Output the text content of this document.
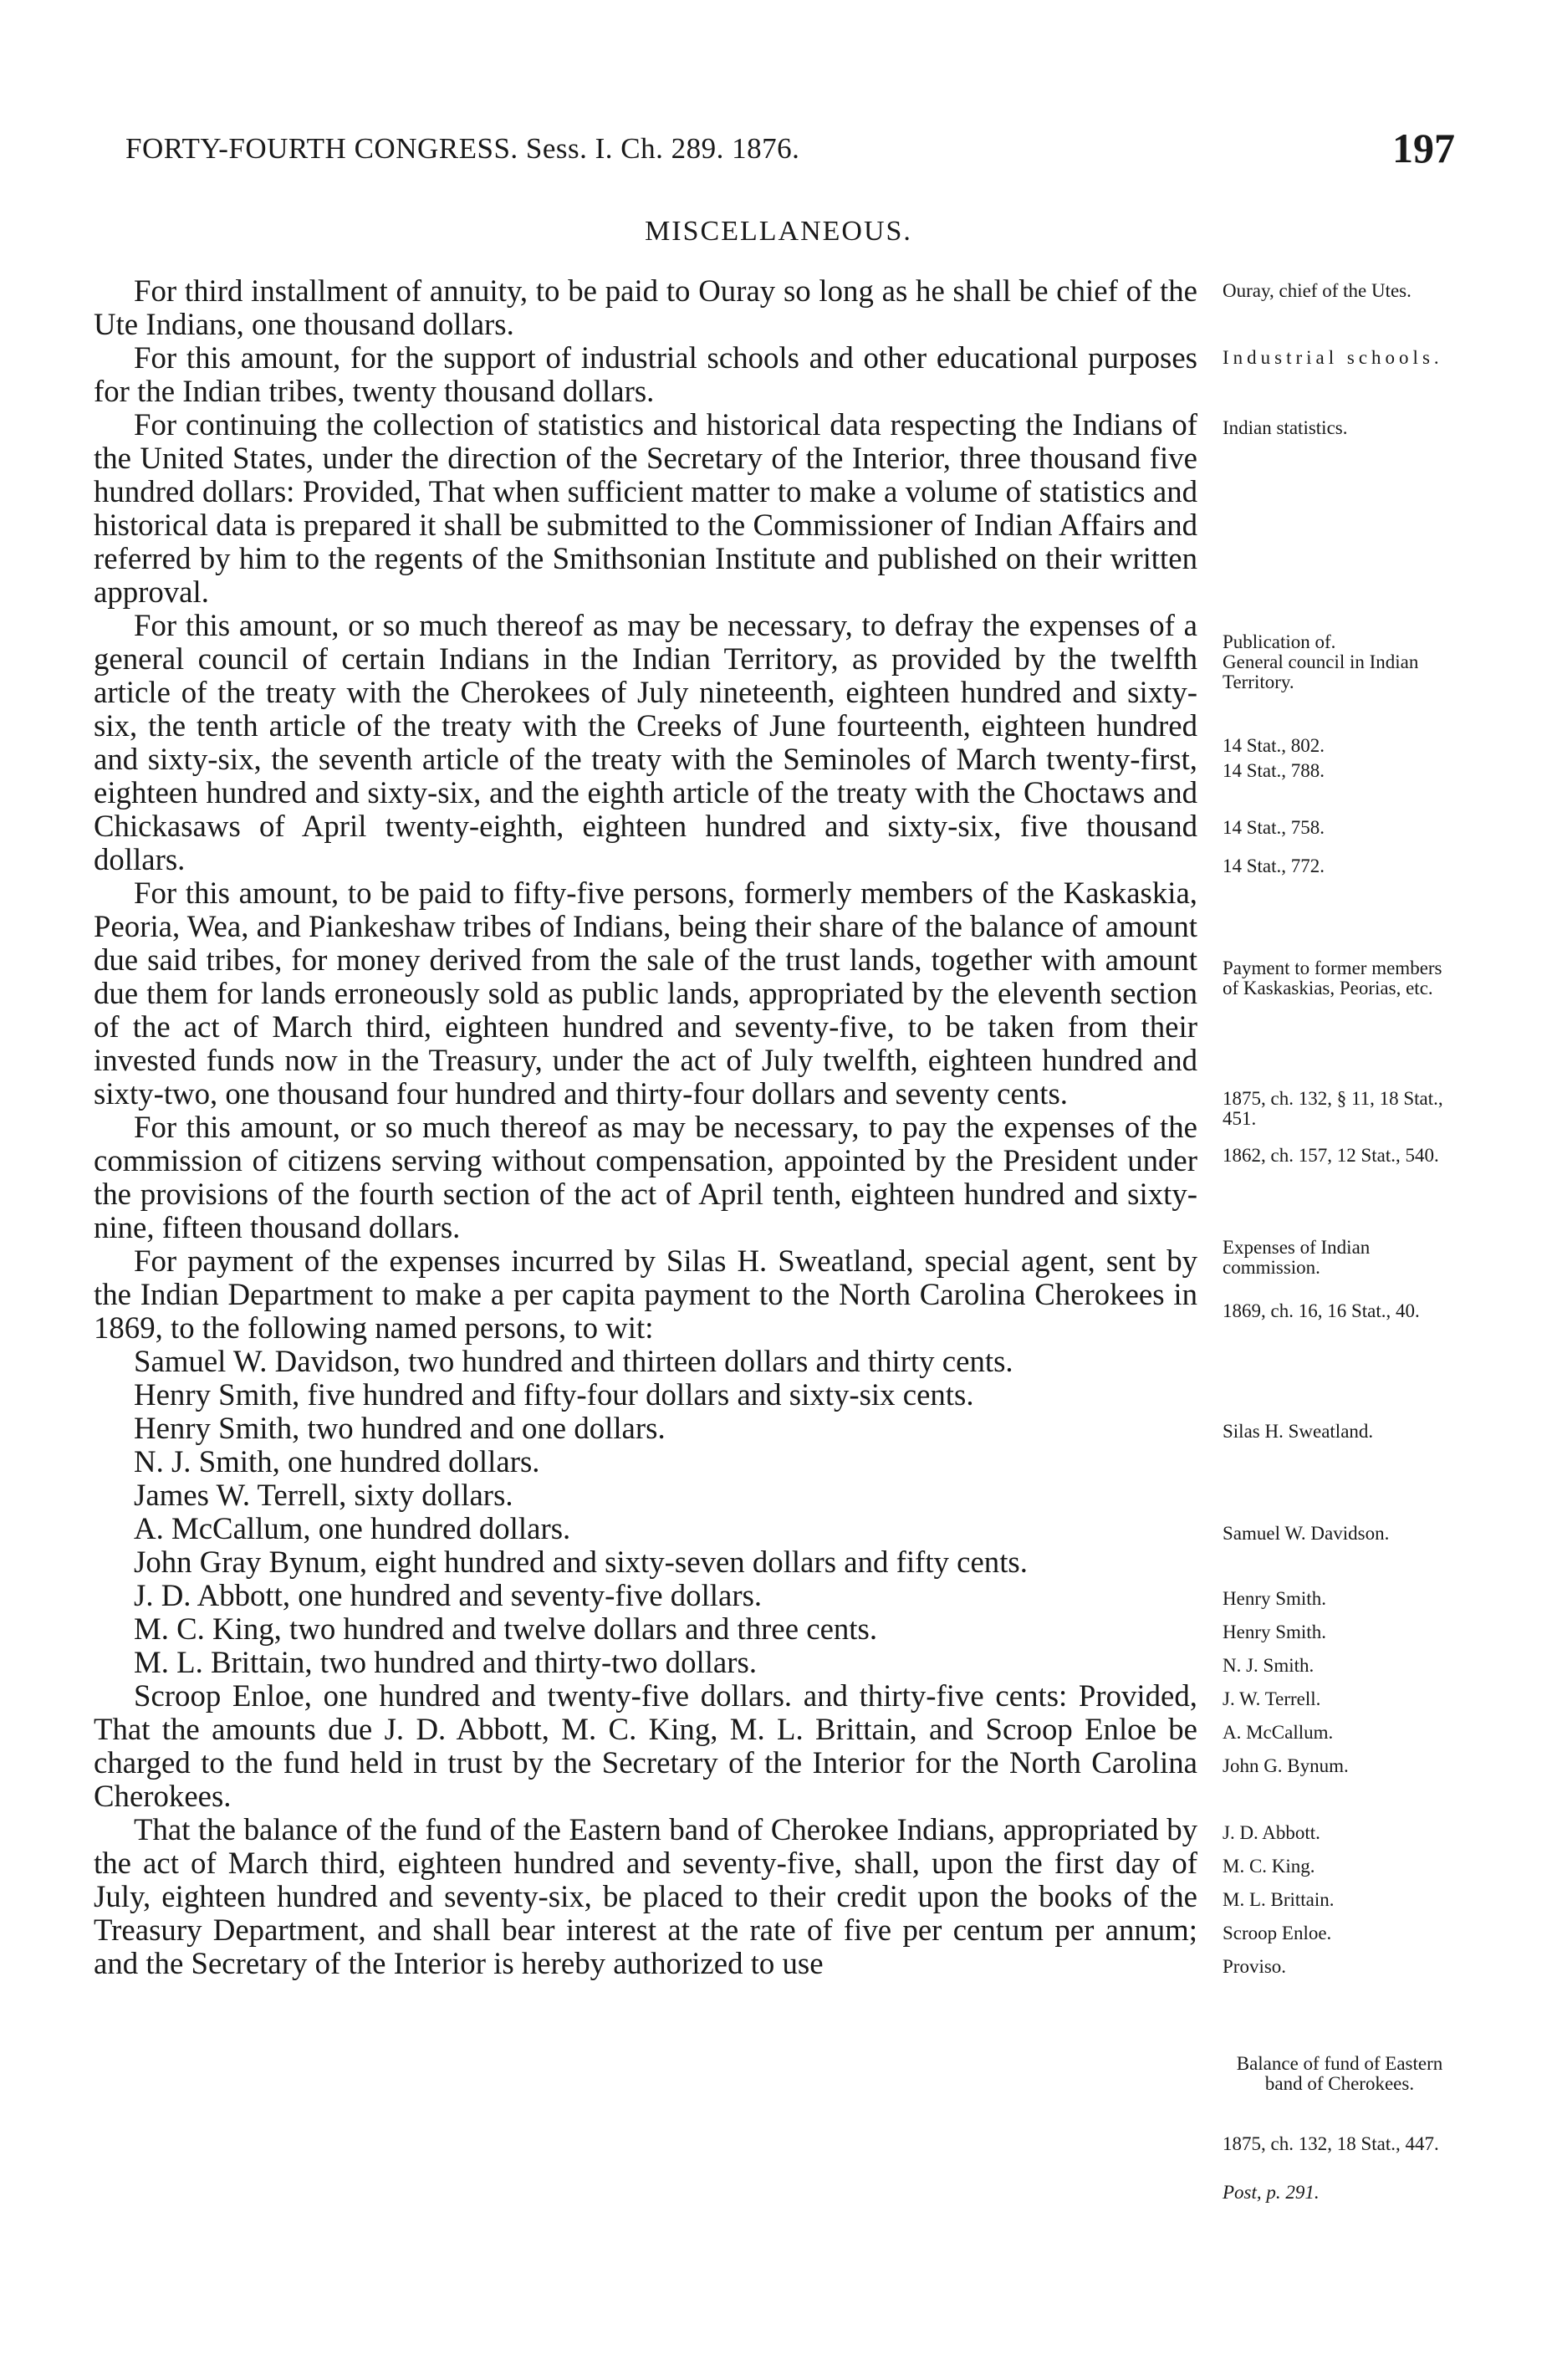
FORTY-FOURTH CONGRESS. Sess. I. Ch. 289. 1876.	197
MISCELLANEOUS.

For third installment of annuity, to be paid to Ouray so long as he shall be chief of the Ute Indians, one thousand dollars.

For this amount, for the support of industrial schools and other educational purposes for the Indian tribes, twenty thousand dollars.

For continuing the collection of statistics and historical data respecting the Indians of the United States, under the direction of the Secretary of the Interior, three thousand five hundred dollars: Provided, That when sufficient matter to make a volume of statistics and historical data is prepared it shall be submitted to the Commissioner of Indian Affairs and referred by him to the regents of the Smithsonian Institute and published on their written approval.

For this amount, or so much thereof as may be necessary, to defray the expenses of a general council of certain Indians in the Indian Territory, as provided by the twelfth article of the treaty with the Cherokees of July nineteenth, eighteen hundred and sixty-six, the tenth article of the treaty with the Creeks of June fourteenth, eighteen hundred and sixty-six, the seventh article of the treaty with the Seminoles of March twenty-first, eighteen hundred and sixty-six, and the eighth article of the treaty with the Choctaws and Chickasaws of April twenty-eighth, eighteen hundred and sixty-six, five thousand dollars.

For this amount, to be paid to fifty-five persons, formerly members of the Kaskaskia, Peoria, Wea, and Piankeshaw tribes of Indians, being their share of the balance of amount due said tribes, for money derived from the sale of the trust lands, together with amount due them for lands erroneously sold as public lands, appropriated by the eleventh section of the act of March third, eighteen hundred and seventy-five, to be taken from their invested funds now in the Treasury, under the act of July twelfth, eighteen hundred and sixty-two, one thousand four hundred and thirty-four dollars and seventy cents.

For this amount, or so much thereof as may be necessary, to pay the expenses of the commission of citizens serving without compensation, appointed by the President under the provisions of the fourth section of the act of April tenth, eighteen hundred and sixty-nine, fifteen thousand dollars.

For payment of the expenses incurred by Silas H. Sweatland, special agent, sent by the Indian Department to make a per capita payment to the North Carolina Cherokees in 1869, to the following named persons, to wit:

Samuel W. Davidson, two hundred and thirteen dollars and thirty cents.

Henry Smith, five hundred and fifty-four dollars and sixty-six cents.

Henry Smith, two hundred and one dollars.

N. J. Smith, one hundred dollars.

James W. Terrell, sixty dollars.

A. McCallum, one hundred dollars.

John Gray Bynum, eight hundred and sixty-seven dollars and fifty cents.

J. D. Abbott, one hundred and seventy-five dollars.

M. C. King, two hundred and twelve dollars and three cents.

M. L. Brittain, two hundred and thirty-two dollars.

Scroop Enloe, one hundred and twenty-five dollars. and thirty-five cents: Provided, That the amounts due J. D. Abbott, M. C. King, M. L. Brittain, and Scroop Enloe be charged to the fund held in trust by the Secretary of the Interior for the North Carolina Cherokees.

That the balance of the fund of the Eastern band of Cherokee Indians, appropriated by the act of March third, eighteen hundred and seventy-five, shall, upon the first day of July, eighteen hundred and seventy-six, be placed to their credit upon the books of the Treasury Department, and shall bear interest at the rate of five per centum per annum; and the Secretary of the Interior is hereby authorized to use

Ouray, chief of the Utes.
Industrial schools.
Indian statistics.
Publication of.
General council in Indian Territory.
14 Stat., 802.
14 Stat., 788.
14 Stat., 758.
14 Stat., 772.
Payment to former members of Kaskaskias, Peorias, etc.
1875, ch. 132, § 11, 18 Stat., 451.
1862, ch. 157, 12 Stat., 540.
Expenses of Indian commission.
1869, ch. 16, 16 Stat., 40.
Silas H. Sweatland.
Samuel W. Davidson.
Henry Smith.
Henry Smith.
N. J. Smith.
J. W. Terrell.
A. McCallum.
John G. Bynum.
J. D. Abbott.
M. C. King.
M. L. Brittain.
Scroop Enloe.
Proviso.
Balance of fund of Eastern band of Cherokees.
1875, ch. 132, 18 Stat., 447.
Post, p. 291.
